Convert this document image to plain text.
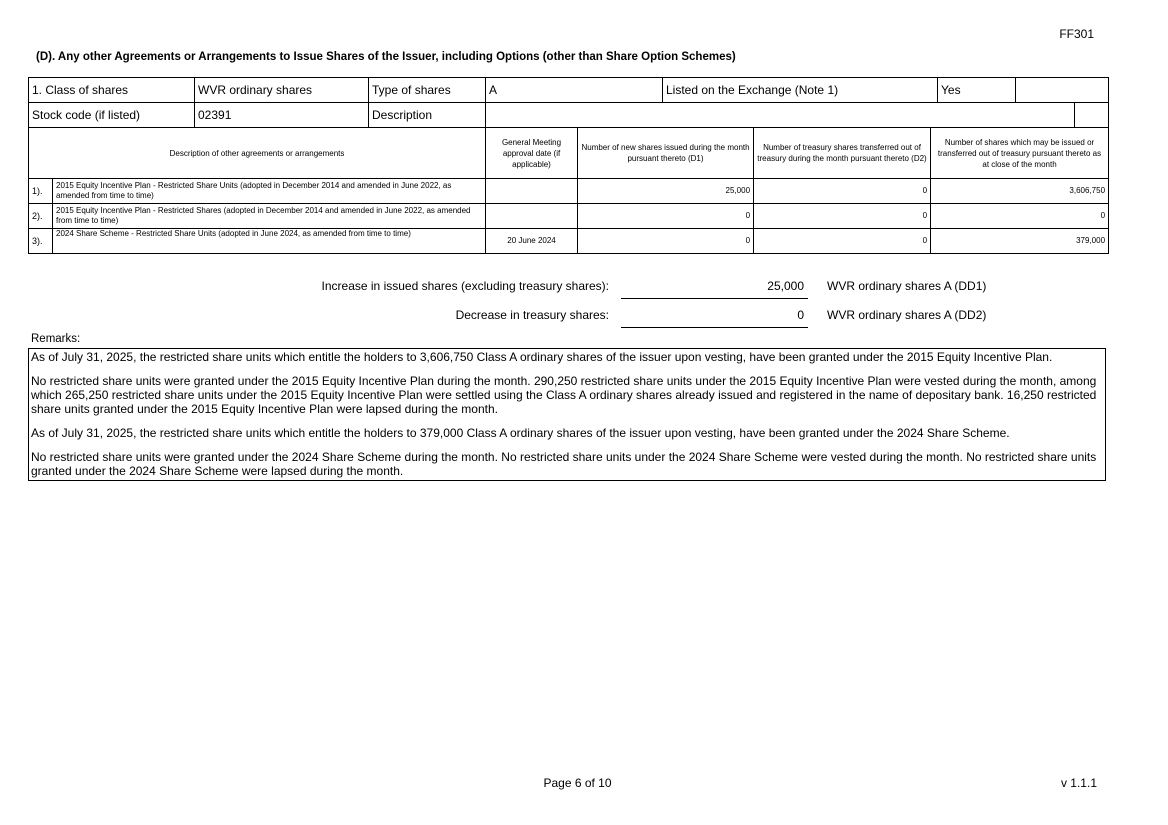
FF301
(D). Any other Agreements or Arrangements to Issue Shares of the Issuer, including Options (other than Share Option Schemes)
1. Class of shares	WVR ordinary shares	Type of shares	A	Listed on the Exchange (Note 1)	Yes		
Stock code (if listed)	02391	Description					
Description of other agreements or arrangements		General Meeting approval date (if applicable)	Number of new shares issued during the month pursuant thereto (D1)	Number of treasury shares transferred out of treasury during the month pursuant thereto (D2)	Number of shares which may be issued or transferred out of treasury pursuant thereto as at close of the month
1).	2015 Equity Incentive Plan - Restricted Share Units (adopted in December 2014 and amended in June 2022, as amended from time to time)		25,000	0	3,606,750
2).	2015 Equity Incentive Plan - Restricted Shares (adopted in December 2014 and amended in June 2022, as amended from time to time)		0	0	0
3).	2024 Share Scheme - Restricted Share Units (adopted in June 2024, as amended from time to time)	20 June 2024	0	0	379,000
Increase in issued shares (excluding treasury shares):	25,000 WVR ordinary shares A (DD1)
Decrease in treasury shares:	0 WVR ordinary shares A (DD2)
Remarks:

As of July 31, 2025, the restricted share units which entitle the holders to 3,606,750 Class A ordinary shares of the issuer upon vesting, have been granted under the 2015 Equity Incentive Plan.

No restricted share units were granted under the 2015 Equity Incentive Plan during the month. 290,250 restricted share units under the 2015 Equity Incentive Plan were vested during the month, among which 265,250 restricted share units under the 2015 Equity Incentive Plan were settled using the Class A ordinary shares already issued and registered in the name of depositary bank. 16,250 restricted share units granted under the 2015 Equity Incentive Plan were lapsed during the month.

As of July 31, 2025, the restricted share units which entitle the holders to 379,000 Class A ordinary shares of the issuer upon vesting, have been granted under the 2024 Share Scheme.

No restricted share units were granted under the 2024 Share Scheme during the month. No restricted share units under the 2024 Share Scheme were vested during the month. No restricted share units granted under the 2024 Share Scheme were lapsed during the month.

Page 6 of 10	v 1.1.1
